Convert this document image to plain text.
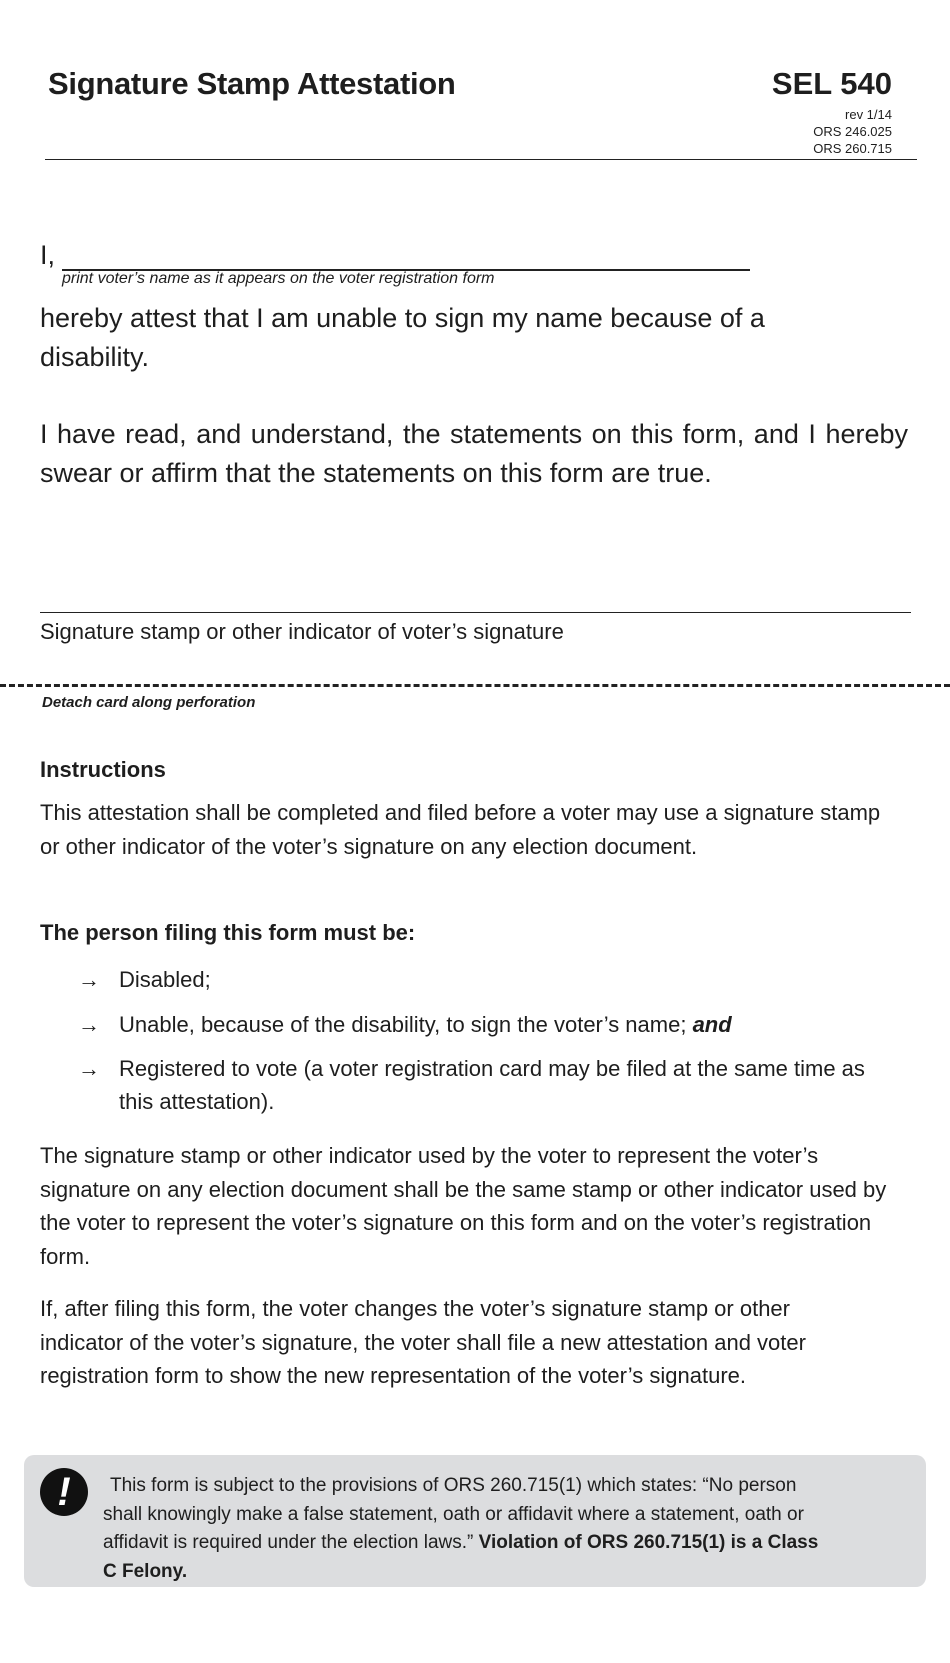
Signature Stamp Attestation	SEL 540
rev 1/14
ORS 246.025
ORS 260.715
I,
print voter’s name as it appears on the voter registration form
hereby attest that I am unable to sign my name because of a
disability.
I have read, and understand, the statements on this form, and I hereby swear or affirm that the statements on this form are true.
Signature stamp or other indicator of voter’s signature
Detach card along perforation
Instructions
This attestation shall be completed and filed before a voter may use a signature stamp or other indicator of the voter’s signature on any election document.
The person filing this form must be:
→ Disabled;
→ Unable, because of the disability, to sign the voter’s name; and
→ Registered to vote (a voter registration card may be filed at the same time as this attestation).
The signature stamp or other indicator used by the voter to represent the voter’s signature on any election document shall be the same stamp or other indicator used by the voter to represent the voter’s signature on this form and on the voter’s registration form.
If, after filing this form, the voter changes the voter’s signature stamp or other indicator of the voter’s signature, the voter shall file a new attestation and voter registration form to show the new representation of the voter’s signature.
!	This form is subject to the provisions of ORS 260.715(1) which states: “No person shall knowingly make a false statement, oath or affidavit where a statement, oath or affidavit is required under the election laws.” Violation of ORS 260.715(1) is a Class C Felony.
